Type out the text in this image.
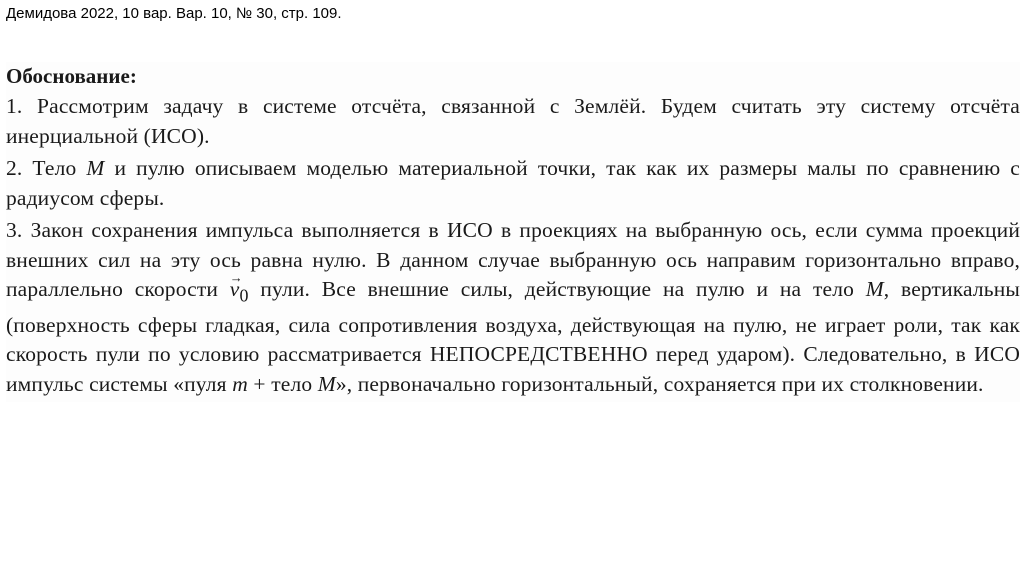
Демидова 2022, 10 вар. Вар. 10, № 30, стр. 109.
Обоснование:

1. Рассмотрим задачу в системе отсчёта, связанной с Землёй. Будем считать эту систему отсчёта инерциальной (ИСО).

2. Тело M и пулю описываем моделью материальной точки, так как их размеры малы по сравнению с радиусом сферы.

3. Закон сохранения импульса выполняется в ИСО в проекциях на выбранную ось, если сумма проекций внешних сил на эту ось равна нулю. В данном случае выбранную ось направим горизонтально вправо, параллельно скорости → $v_0$ пули. Все внешние силы, действующие на пулю и на тело M, вертикальны (поверхность сферы гладкая, сила сопротивления воздуха, действующая на пулю, не играет роли, так как скорость пули по условию рассматривается НЕПОСРЕДСТВЕННО перед ударом). Следовательно, в ИСО импульс системы «пуля m + тело M», первоначально горизонтальный, сохраняется при их столкновении.
